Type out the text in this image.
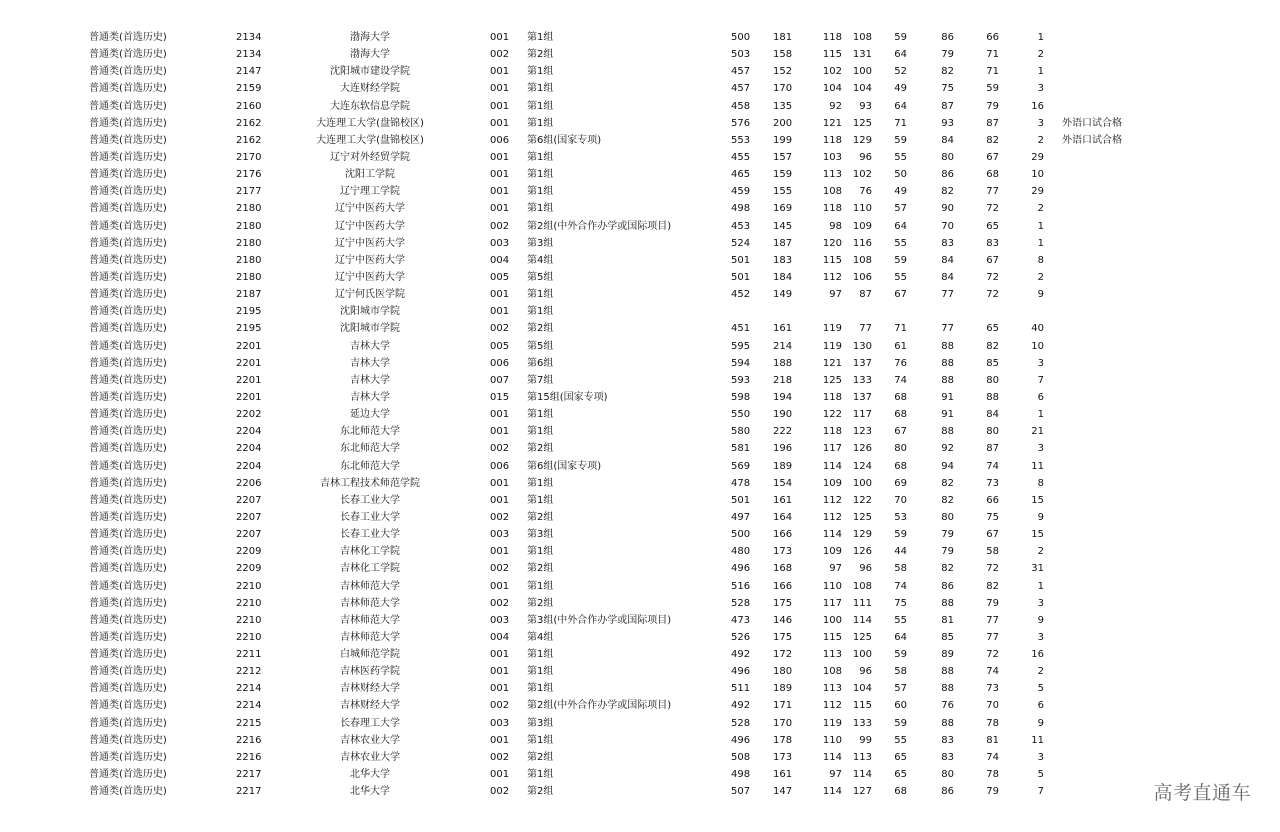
普通类(首选历史)	2134	渤海大学	001 第1组	500 181	118	108	59	86	66	1
普通类(首选历史)	2134	渤海大学	002 第2组	503 158	115	131	64	79	71	2
普通类(首选历史)	2147	沈阳城市建设学院	001 第1组	457 152	102	100	52	82	71	1
普通类(首选历史)	2159	大连财经学院	001 第1组	457 170	104	104	49	75	59	3
普通类(首选历史)	2160	大连东软信息学院	001 第1组	458 135	92	93	64	87	79	16
普通类(首选历史)	2162	大连理工大学(盘锦校区)	001 第1组	576 200	121	125	71	93	87	3 外语口试合格
普通类(首选历史)	2162	大连理工大学(盘锦校区)	006 第6组(国家专项)	553 199	118	129	59	84	82	2 外语口试合格
普通类(首选历史)	2170	辽宁对外经贸学院	001 第1组	455 157	103	96	55	80	67	29
普通类(首选历史)	2176	沈阳工学院	001 第1组	465 159	113	102	50	86	68	10
普通类(首选历史)	2177	辽宁理工学院	001 第1组	459 155	108	76	49	82	77	29
普通类(首选历史)	2180	辽宁中医药大学	001 第1组	498 169	118	110	57	90	72	2
普通类(首选历史)	2180	辽宁中医药大学	002 第2组(中外合作办学或国际项目)	453 145	98	109	64	70	65	1
普通类(首选历史)	2180	辽宁中医药大学	003 第3组	524 187	120	116	55	83	83	1
普通类(首选历史)	2180	辽宁中医药大学	004 第4组	501 183	115	108	59	84	67	8
普通类(首选历史)	2180	辽宁中医药大学	005 第5组	501 184	112	106	55	84	72	2
普通类(首选历史)	2187	辽宁何氏医学院	001 第1组	452 149	97	87	67	77	72	9
普通类(首选历史)	2195	沈阳城市学院	001 第1组
普通类(首选历史)	2195	沈阳城市学院	002 第2组	451 161	119	77	71	77	65	40
普通类(首选历史)	2201	吉林大学	005 第5组	595 214	119	130	61	88	82	10
普通类(首选历史)	2201	吉林大学	006 第6组	594 188	121	137	76	88	85	3
普通类(首选历史)	2201	吉林大学	007 第7组	593 218	125	133	74	88	80	7
普通类(首选历史)	2201	吉林大学	015 第15组(国家专项)	598 194	118	137	68	91	88	6
普通类(首选历史)	2202	延边大学	001 第1组	550 190	122	117	68	91	84	1
普通类(首选历史)	2204	东北师范大学	001 第1组	580 222	118	123	67	88	80	21
普通类(首选历史)	2204	东北师范大学	002 第2组	581 196	117	126	80	92	87	3
普通类(首选历史)	2204	东北师范大学	006 第6组(国家专项)	569 189	114	124	68	94	74	11
普通类(首选历史)	2206	吉林工程技术师范学院	001 第1组	478 154	109	100	69	82	73	8
普通类(首选历史)	2207	长春工业大学	001 第1组	501 161	112	122	70	82	66	15
普通类(首选历史)	2207	长春工业大学	002 第2组	497 164	112	125	53	80	75	9
普通类(首选历史)	2207	长春工业大学	003 第3组	500 166	114	129	59	79	67	15
普通类(首选历史)	2209	吉林化工学院	001 第1组	480 173	109	126	44	79	58	2
普通类(首选历史)	2209	吉林化工学院	002 第2组	496 168	97	96	58	82	72	31
普通类(首选历史)	2210	吉林师范大学	001 第1组	516 166	110	108	74	86	82	1
普通类(首选历史)	2210	吉林师范大学	002 第2组	528 175	117	111	75	88	79	3
普通类(首选历史)	2210	吉林师范大学	003 第3组(中外合作办学或国际项目)	473 146	100	114	55	81	77	9
普通类(首选历史)	2210	吉林师范大学	004 第4组	526 175	115	125	64	85	77	3
普通类(首选历史)	2211	白城师范学院	001 第1组	492 172	113	100	59	89	72	16
普通类(首选历史)	2212	吉林医药学院	001 第1组	496 180	108	96	58	88	74	2
普通类(首选历史)	2214	吉林财经大学	001 第1组	511 189	113	104	57	88	73	5
普通类(首选历史)	2214	吉林财经大学	002 第2组(中外合作办学或国际项目)	492 171	112	115	60	76	70	6
普通类(首选历史)	2215	长春理工大学	003 第3组	528 170	119	133	59	88	78	9
普通类(首选历史)	2216	吉林农业大学	001 第1组	496 178	110	99	55	83	81	11
普通类(首选历史)	2216	吉林农业大学	002 第2组	508 173	114	113	65	83	74	3
普通类(首选历史)	2217	北华大学	001 第1组	498 161	97	114	65	80	78	5
普通类(首选历史)	2217	北华大学	002 第2组	507 147	114	127	68	86	79	7	高考直通车
